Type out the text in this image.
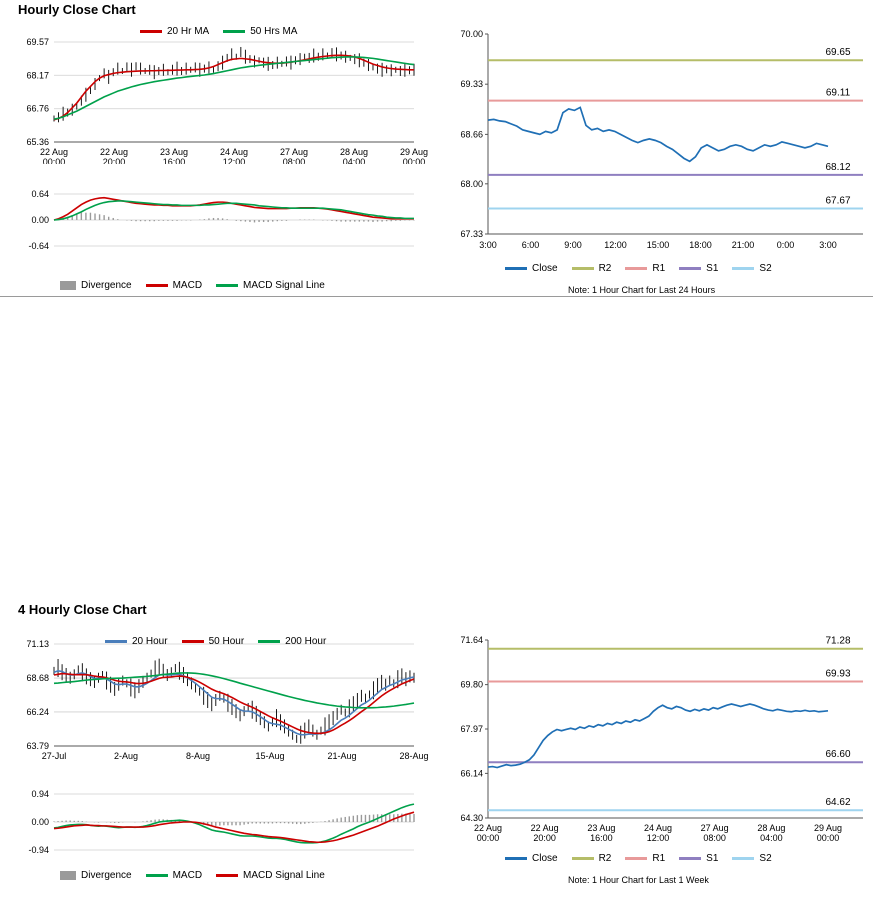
Hourly Close Chart
65.36
66.76
68.17
69.57
22 Aug
00:00
22 Aug
20:00
23 Aug
16:00
24 Aug
12:00
27 Aug
08:00
28 Aug
04:00
29 Aug
00:00
20 Hr MA	50 Hrs MA
-0.64
0.00
0.64
Divergence	MACD	MACD Signal Line
67.33
68.00
68.66
69.33
70.00
69.65
69.11
68.12
67.67
3:00	6:00	9:00 12:00 15:00 18:00 21:00 0:00	3:00
Close	R2	R1	S1	S2
Note: 1 Hour Chart for Last 24 Hours
4 Hourly Close Chart
63.79
66.24
68.68
71.13
27-Jul	2-Aug	8-Aug	15-Aug	21-Aug	28-Aug
20 Hour	50 Hour	200 Hour
-0.94
0.00
0.94
Divergence	MACD	MACD Signal Line
64.30
66.14
67.97
69.80
71.64	71.28
69.93
66.60
64.62
22 Aug
00:00
22 Aug
20:00
23 Aug
16:00
24 Aug
12:00
27 Aug
08:00
28 Aug
04:00
29 Aug
00:00
Close	R2	R1	S1	S2
Note: 1 Hour Chart for Last 1 Week
